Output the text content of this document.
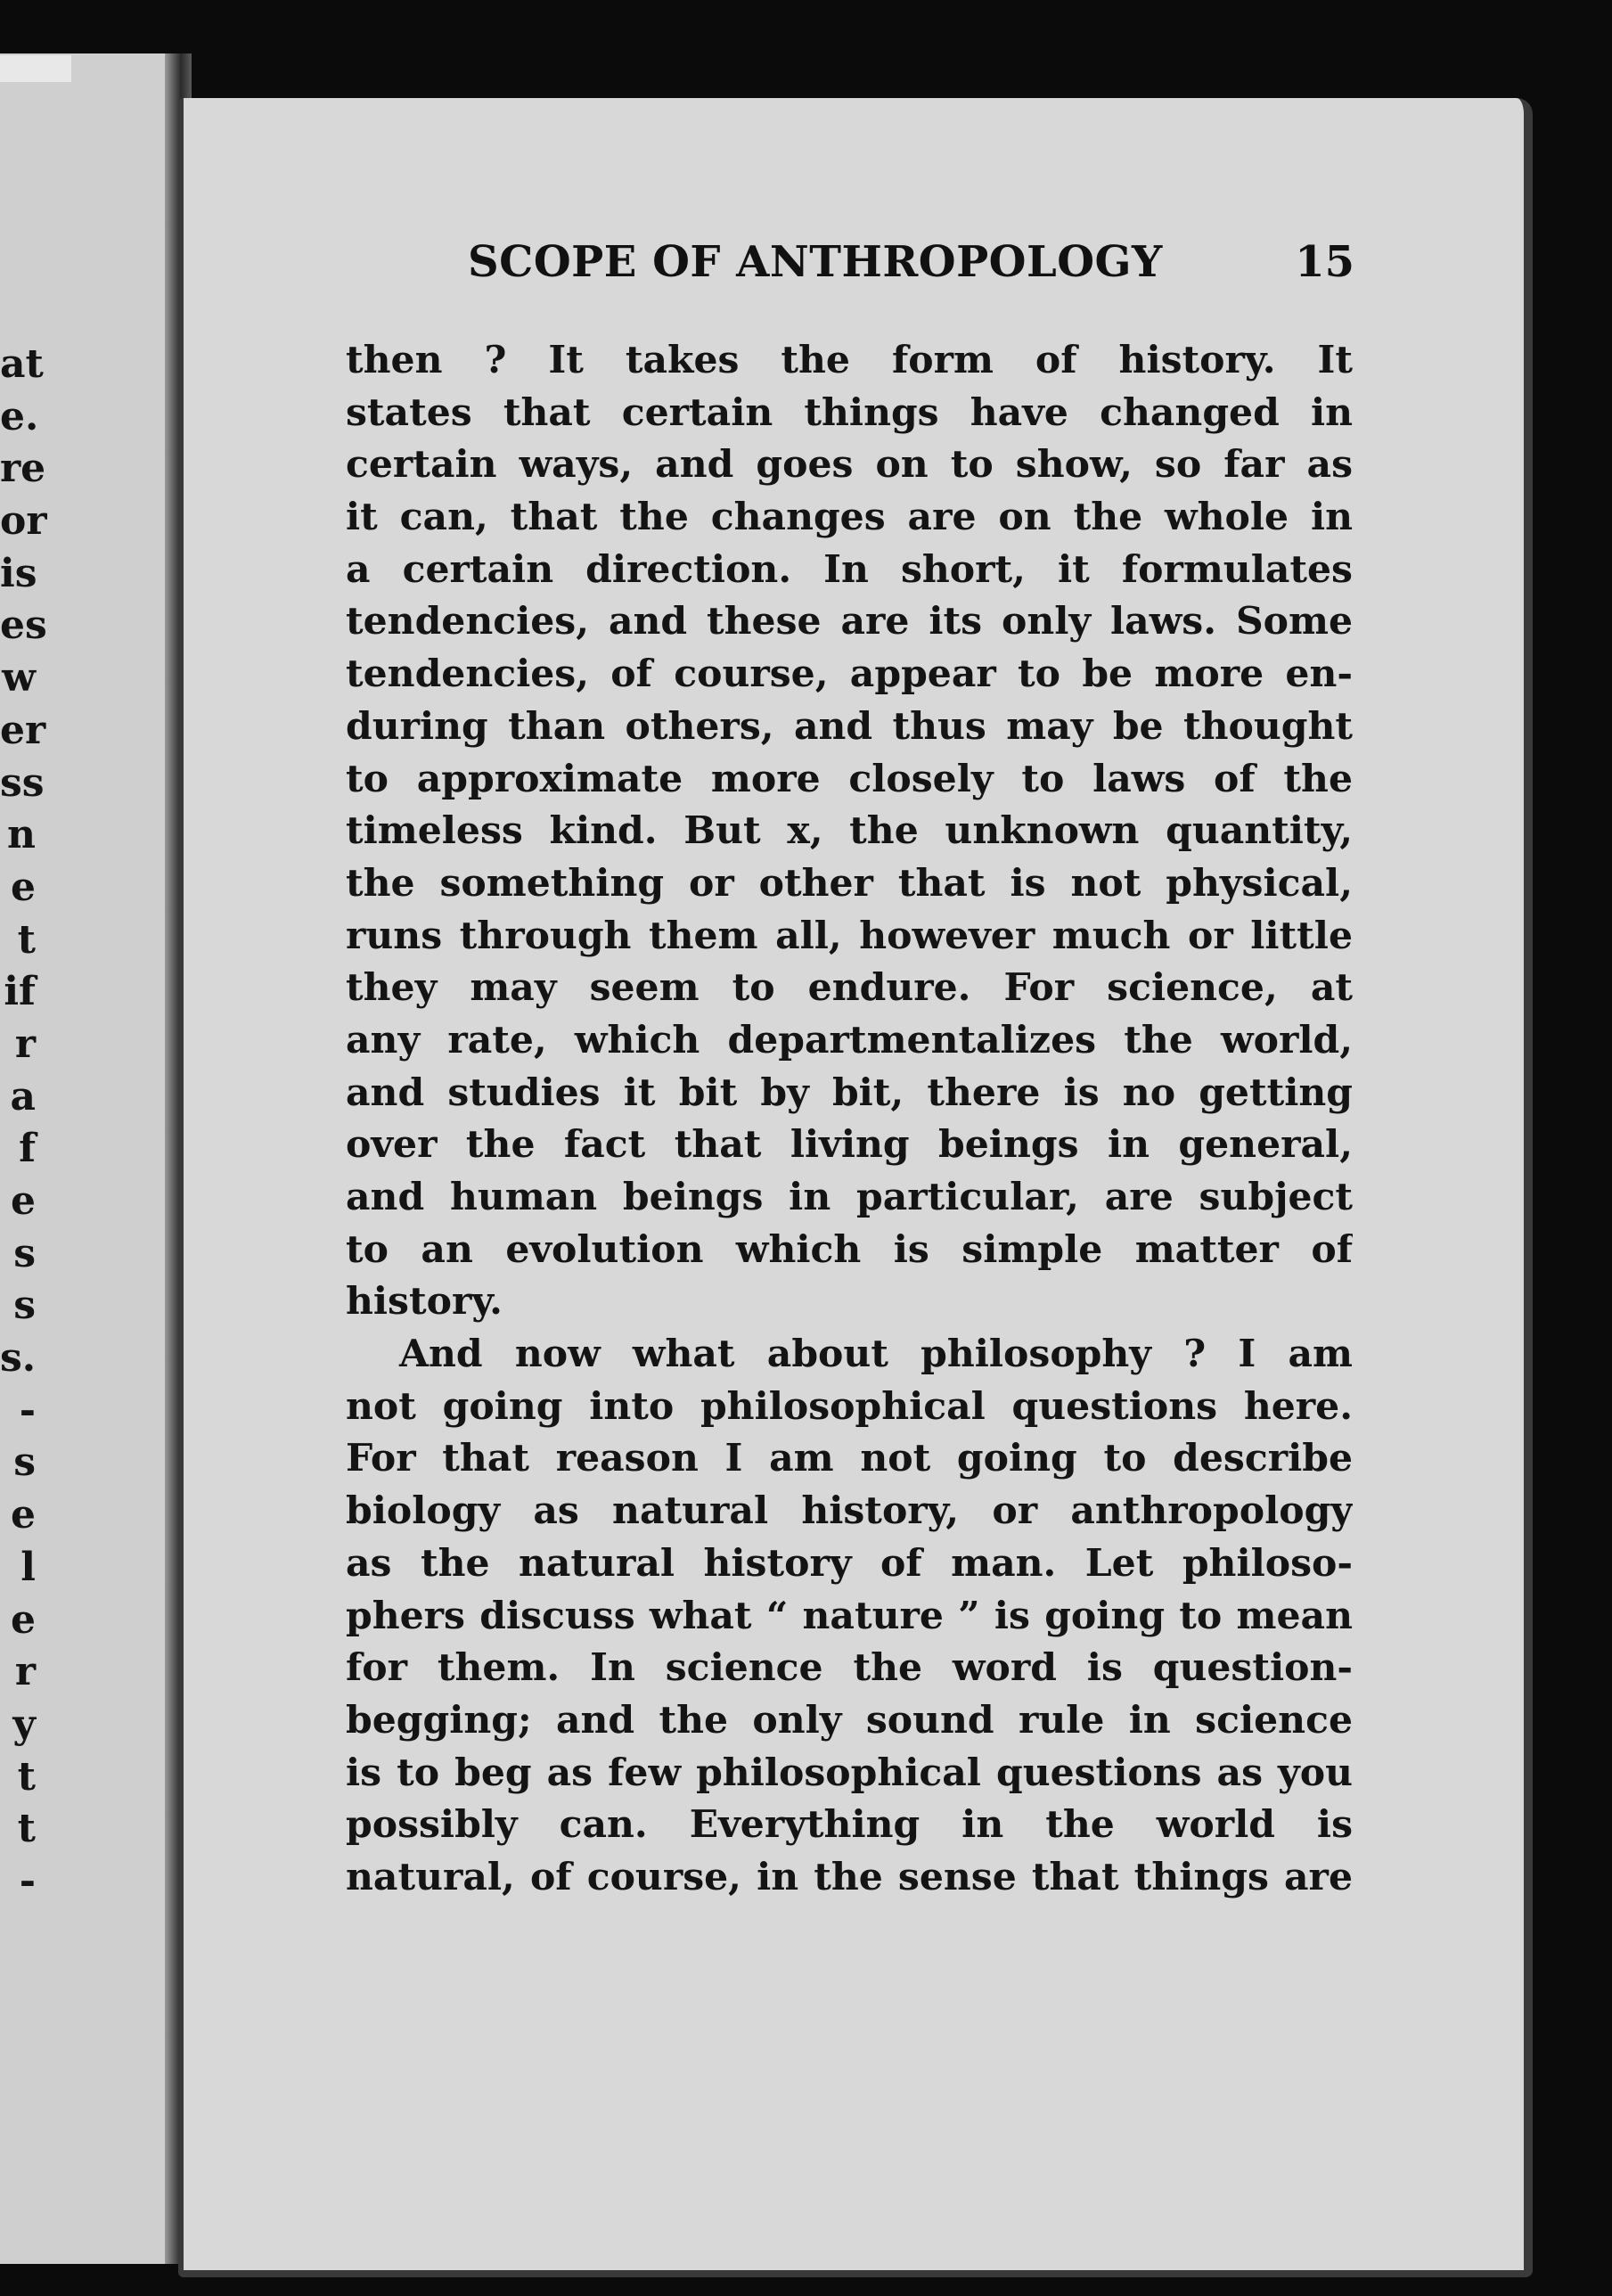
at
e.
re
or
is
es
w
er
ss
n
e
t
if
r
a
f
e
s
s
s.
-
s
e
l
e
r
y
t
t
-
SCOPE OF ANTHROPOLOGY	15
then ? It takes the form of history. It
states that certain things have changed in
certain ways, and goes on to show, so far as
it can, that the changes are on the whole in
a certain direction. In short, it formulates
tendencies, and these are its only laws. Some
tendencies, of course, appear to be more en-
during than others, and thus may be thought
to approximate more closely to laws of the
timeless kind. But x, the unknown quantity,
the something or other that is not physical,
runs through them all, however much or little
they may seem to endure. For science, at
any rate, which departmentalizes the world,
and studies it bit by bit, there is no getting
over the fact that living beings in general,
and human beings in particular, are subject
to an evolution which is simple matter of
history.
And now what about philosophy ? I am
not going into philosophical questions here.
For that reason I am not going to describe
biology as natural history, or anthropology
as the natural history of man. Let philoso-
phers discuss what “ nature ” is going to mean
for them. In science the word is question-
begging; and the only sound rule in science
is to beg as few philosophical questions as you
possibly can. Everything in the world is
natural, of course, in the sense that things are
